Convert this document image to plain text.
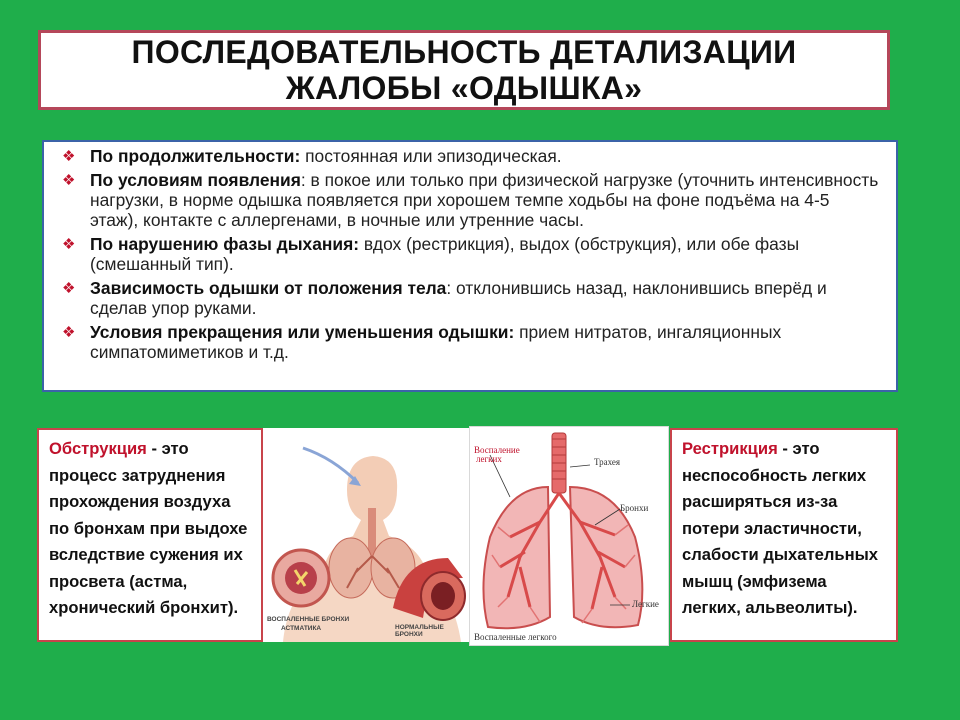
ПОСЛЕДОВАТЕЛЬНОСТЬ ДЕТАЛИЗАЦИИ
ЖАЛОБЫ «ОДЫШКА»
❖ По продолжительности: постоянная или эпизодическая.
❖ По условиям появления: в покое или только при физической нагрузке (уточнить интенсивность нагрузки, в норме одышка появляется при хорошем темпе ходьбы на фоне подъёма на 4-5 этаж), контакте с аллергенами, в ночные или утренние часы.
❖ По нарушению фазы дыхания: вдох (рестрикция), выдох (обструкция), или обе фазы (смешанный тип).
❖ Зависимость одышки от положения тела: отклонившись назад, наклонившись вперёд и сделав упор руками.
❖ Условия прекращения или уменьшения одышки: прием нитратов, ингаляционных симпатомиметиков и т.д.
Обструкция - это процесс затруднения прохождения воздуха по бронхам при выдохе вследствие сужения их просвета (астма, хронический бронхит).
ВОСПАЛЕННЫЕ БРОНХИ
АСТМАТИКА	НОРМАЛЬНЫЕ БРОНХИ
Воспаление
легких	Трахея
Бронхи
Легкие
Воспаленные легкого
Рестрикция - это неспособность легких расширяться из-за потери эластичности, слабости дыхательных мышц (эмфизема легких, альвеолиты).
